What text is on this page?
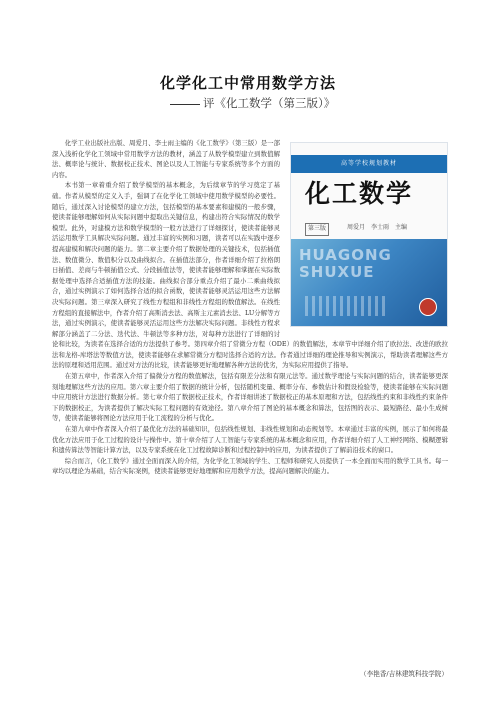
化学化工中常用数学方法
评《化工数学（第三版）》
高等学校规划教材
化工数学
第三版	周爱月　李士雨　主编
HUAGONG SHUXUE

化学工业出版社出版、周爱月、李士雨主编的《化工数学》（第三版）是一部深入浅析化学化工领域中常用数学方法的教材，涵盖了从数学模型建立到数值解法、概率论与统计、数据校正技术、图论以及人工智能与专家系统等多个方面的内容。

本书第一章着重介绍了数学模型的基本概念，为后续章节的学习奠定了基础。作者从模型的定义入手，强调了在化学化工领域中使用数学模型的必要性。随后，通过深入讨论模型的建立方法，包括模型的基本要素和建模的一般步骤，使读者能够理解如何从实际问题中提取出关键信息，构建出符合实际情况的数学模型。此外，对建模方法和数学模型的一般方法进行了详细探讨，使读者能够灵活运用数学工具解决实际问题。通过丰富的实例和习题，读者可以在实践中逐步提高建模和解决问题的能力。第二章主要介绍了数据处理的关键技术，包括插值法、数值微分、数值积分以及曲线拟合。在插值法部分，作者详细介绍了拉格朗日插值、差商与牛顿插值公式、分段插值法等，使读者能够理解和掌握在实际数据处理中选择合适插值方法的技能。曲线拟合部分重点介绍了最小二乘曲线拟合，通过实例演示了如何选择合适的拟合函数，使读者能够灵活运用这些方法解决实际问题。第三章深入研究了线性方程组和非线性方程组的数值解法。在线性方程组的直接解法中，作者介绍了高斯消去法、高斯主元素消去法、LU分解等方法，通过实例演示，使读者能够灵活运用这些方法解决实际问题。非线性方程求解部分涵盖了二分法、迭代法、牛顿法等多种方法，对每种方法进行了详细的讨论和比较，为读者在选择合适的方法提供了参考。第四章介绍了常微分方程（ODE）的数值解法，本章节中详细介绍了欧拉法、改进的欧拉法和龙格-库塔法等数值方法，使读者能够在求解常微分方程时选择合适的方法。作者通过详细的理论推导和实例演示，帮助读者理解这些方法的原理和适用范围。通过对方法的比较，读者能够更好地理解各种方法的优劣，为实际应用提供了指导。

在第五章中，作者深入介绍了偏微分方程的数值解法，包括有限差分法和有限元法等。通过数学理论与实际问题的结合，读者能够更深刻地理解这些方法的应用。第六章主要介绍了数据的统计分析，包括随机变量、概率分布、参数估计和假设检验等，使读者能够在实际问题中应用统计方法进行数据分析。第七章介绍了数据校正技术，作者详细讲述了数据校正的基本原理和方法，包括线性约束和非线性约束条件下的数据校正，为读者提供了解决实际工程问题的有效途径。第八章介绍了图论的基本概念和算法，包括图的表示、最短路径、最小生成树等，使读者能够将图论方法应用于化工流程的分析与优化。

在第九章中作者深入介绍了最优化方法的基础知识，包括线性规划、非线性规划和动态规划等。本章通过丰富的实例，展示了如何将最优化方法应用于化工过程的设计与操作中。第十章介绍了人工智能与专家系统的基本概念和应用，作者详细介绍了人工神经网络、模糊逻辑和遗传算法等智能计算方法，以及专家系统在化工过程故障诊断和过程控制中的应用，为读者提供了了解前沿技术的窗口。

综合而言，《化工数学》通过全面而深入的介绍，为化学化工领域的学生、工程师和研究人员提供了一本全面而实用的数学工具书。每一章均以理论为基础，结合实际案例，使读者能够更好地理解和应用数学方法，提高问题解决的能力。

（李艳香/吉林建筑科技学院）
